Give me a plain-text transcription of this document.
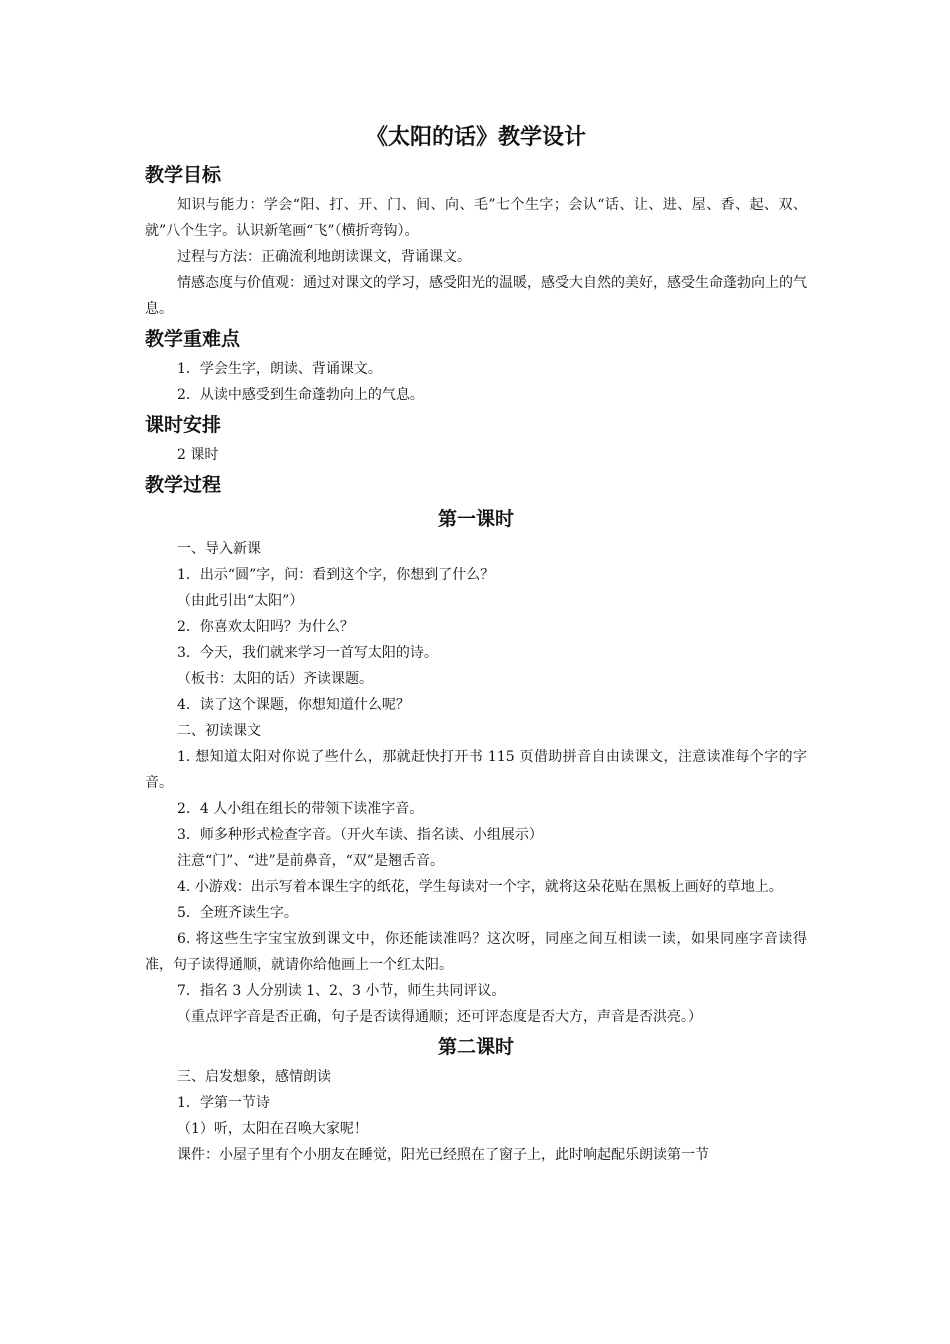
《太阳的话》教学设计
教学目标
知识与能力：学会“阳、打、开、门、间、向、毛”七个生字；会认“话、让、进、屋、香、起、双、就”八个生字。认识新笔画“飞”（横折弯钩）。
过程与方法：正确流利地朗读课文，背诵课文。
情感态度与价值观：通过对课文的学习，感受阳光的温暖，感受大自然的美好，感受生命蓬勃向上的气息。
教学重难点
1．学会生字，朗读、背诵课文。
2．从读中感受到生命蓬勃向上的气息。
课时安排
2 课时
教学过程
第一课时
一、导入新课
1．出示“圆”字，问：看到这个字，你想到了什么？
（由此引出“太阳”）
2．你喜欢太阳吗？为什么？
3．今天，我们就来学习一首写太阳的诗。
（板书：太阳的话）齐读课题。
4．读了这个课题，你想知道什么呢？
二、初读课文
1. 想知道太阳对你说了些什么，那就赶快打开书 115 页借助拼音自由读课文，注意读准每个字的字音。
2．4 人小组在组长的带领下读准字音。
3．师多种形式检查字音。（开火车读、指名读、小组展示）
注意“门”、“进”是前鼻音，“双”是翘舌音。
4. 小游戏：出示写着本课生字的纸花，学生每读对一个字，就将这朵花贴在黑板上画好的草地上。
5．全班齐读生字。
6. 将这些生字宝宝放到课文中，你还能读准吗？这次呀，同座之间互相读一读，如果同座字音读得准，句子读得通顺，就请你给他画上一个红太阳。
7．指名 3 人分别读 1、2、3 小节，师生共同评议。
（重点评字音是否正确，句子是否读得通顺；还可评态度是否大方，声音是否洪亮。）
第二课时
三、启发想象，感情朗读
1．学第一节诗
（1）听，太阳在召唤大家呢！
课件：小屋子里有个小朋友在睡觉，阳光已经照在了窗子上，此时响起配乐朗读第一节
